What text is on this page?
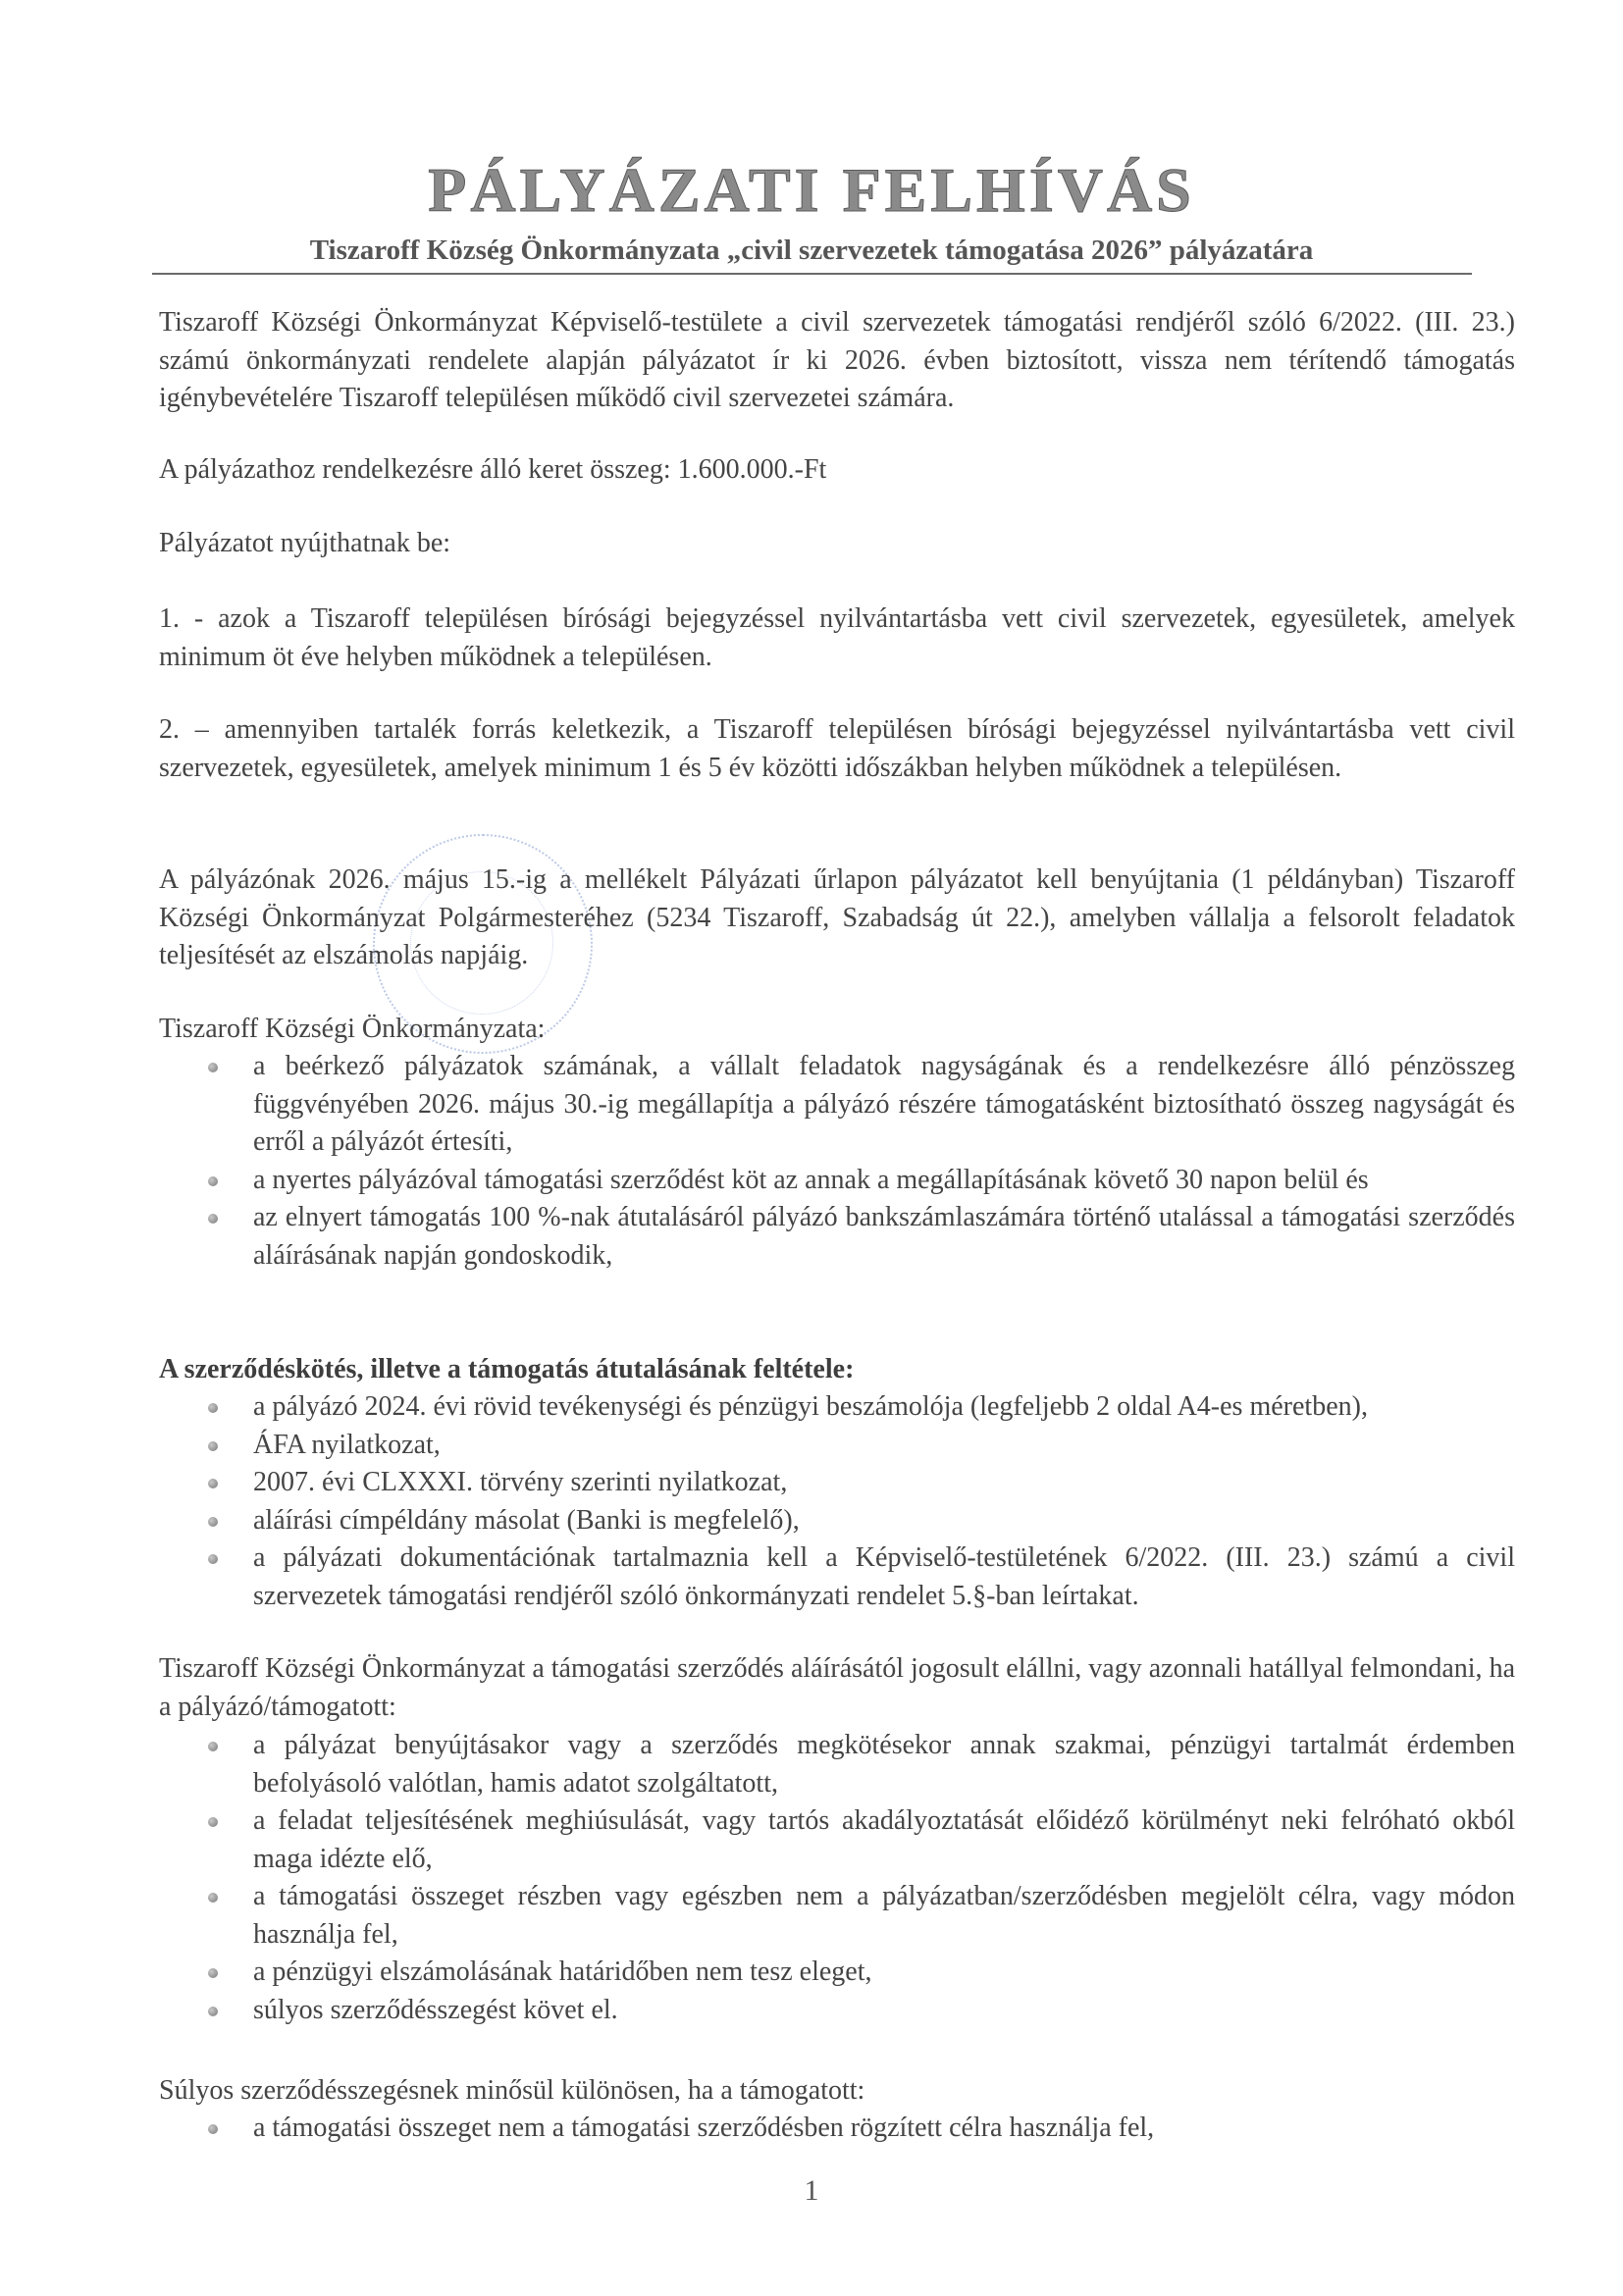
PÁLYÁZATI FELHÍVÁS
Tiszaroff Község Önkormányzata „civil szervezetek támogatása 2026” pályázatára
Tiszaroff Községi Önkormányzat Képviselő-testülete a civil szervezetek támogatási rendjéről szóló 6/2022. (III. 23.) számú önkormányzati rendelete alapján pályázatot ír ki 2026. évben biztosított, vissza nem térítendő támogatás igénybevételére Tiszaroff településen működő civil szervezetei számára.
A pályázathoz rendelkezésre álló keret összeg: 1.600.000.-Ft
Pályázatot nyújthatnak be:
1. - azok a Tiszaroff településen bírósági bejegyzéssel nyilvántartásba vett civil szervezetek, egyesületek, amelyek minimum öt éve helyben működnek a településen.
2. – amennyiben tartalék forrás keletkezik, a Tiszaroff településen bírósági bejegyzéssel nyilvántartásba vett civil szervezetek, egyesületek, amelyek minimum 1 és 5 év közötti időszákban helyben működnek a településen.
A pályázónak 2026. május 15.-ig a mellékelt Pályázati űrlapon pályázatot kell benyújtania (1 példányban) Tiszaroff Községi Önkormányzat Polgármesteréhez (5234 Tiszaroff, Szabadság út 22.), amelyben vállalja a felsorolt feladatok teljesítését az elszámolás napjáig.
Tiszaroff Községi Önkormányzata:
a beérkező pályázatok számának, a vállalt feladatok nagyságának és a rendelkezésre álló pénzösszeg függvényében 2026. május 30.-ig megállapítja a pályázó részére támogatásként biztosítható összeg nagyságát és erről a pályázót értesíti,
a nyertes pályázóval támogatási szerződést köt az annak a megállapításának követő 30 napon belül és
az elnyert támogatás 100 %-nak átutalásáról pályázó bankszámlaszámára történő utalással a támogatási szerződés aláírásának napján gondoskodik,
A szerződéskötés, illetve a támogatás átutalásának feltétele:
a pályázó 2024. évi rövid tevékenységi és pénzügyi beszámolója (legfeljebb 2 oldal A4-es méretben),
ÁFA nyilatkozat,
2007. évi CLXXXI. törvény szerinti nyilatkozat,
aláírási címpéldány másolat (Banki is megfelelő),
a pályázati dokumentációnak tartalmaznia kell a Képviselő-testületének 6/2022. (III. 23.) számú a civil szervezetek támogatási rendjéről szóló önkormányzati rendelet 5.§-ban leírtakat.
Tiszaroff Községi Önkormányzat a támogatási szerződés aláírásától jogosult elállni, vagy azonnali hatállyal felmondani, ha a pályázó/támogatott:
a pályázat benyújtásakor vagy a szerződés megkötésekor annak szakmai, pénzügyi tartalmát érdemben befolyásoló valótlan, hamis adatot szolgáltatott,
a feladat teljesítésének meghiúsulását, vagy tartós akadályoztatását előidéző körülményt neki felróható okból maga idézte elő,
a támogatási összeget részben vagy egészben nem a pályázatban/szerződésben megjelölt célra, vagy módon használja fel,
a pénzügyi elszámolásának határidőben nem tesz eleget,
súlyos szerződésszegést követ el.
Súlyos szerződésszegésnek minősül különösen, ha a támogatott:
a támogatási összeget nem a támogatási szerződésben rögzített célra használja fel,
1
